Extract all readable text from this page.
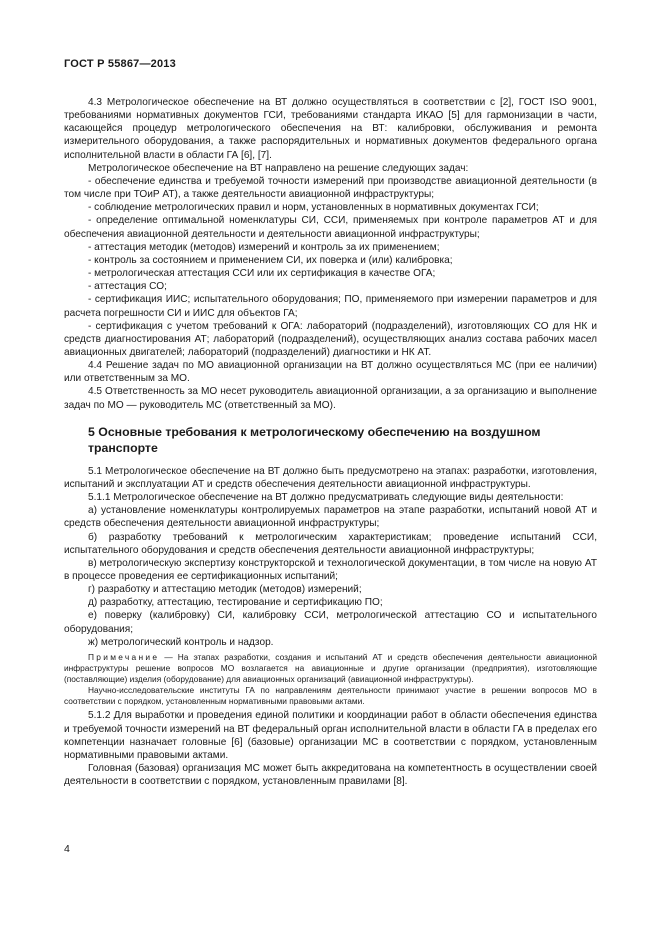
ГОСТ Р 55867—2013

4.3 Метрологическое обеспечение на ВТ должно осуществляться в соответствии с [2], ГОСТ ISO 9001, требованиями нормативных документов ГСИ, требованиями стандарта ИКАО [5] для гармонизации в части, касающейся процедур метрологического обеспечения на ВТ: калибровки, обслуживания и ремонта измерительного оборудования, а также распорядительных и нормативных документов федерального органа исполнительной власти в области ГА [6], [7].

Метрологическое обеспечение на ВТ направлено на решение следующих задач:

- обеспечение единства и требуемой точности измерений при производстве авиационной деятельности (в том числе при ТОиР АТ), а также деятельности авиационной инфраструктуры;

- соблюдение метрологических правил и норм, установленных в нормативных документах ГСИ;

- определение оптимальной номенклатуры СИ, ССИ, применяемых при контроле параметров АТ и для обеспечения авиационной деятельности и деятельности авиационной инфраструктуры;

- аттестация методик (методов) измерений и контроль за их применением;

- контроль за состоянием и применением СИ, их поверка и (или) калибровка;

- метрологическая аттестация ССИ или их сертификация в качестве ОГА;

- аттестация СО;

- сертификация ИИС; испытательного оборудования; ПО, применяемого при измерении параметров и для расчета погрешности СИ и ИИС для объектов ГА;

- сертификация с учетом требований к ОГА: лабораторий (подразделений), изготовляющих СО для НК и средств диагностирования АТ; лабораторий (подразделений), осуществляющих анализ состава рабочих масел авиационных двигателей; лабораторий (подразделений) диагностики и НК АТ.

4.4 Решение задач по МО авиационной организации на ВТ должно осуществляться МС (при ее наличии) или ответственным за МО.

4.5 Ответственность за МО несет руководитель авиационной организации, а за организацию и выполнение задач по МО — руководитель МС (ответственный за МО).

5 Основные требования к метрологическому обеспечению на воздушном
транспорте

5.1 Метрологическое обеспечение на ВТ должно быть предусмотрено на этапах: разработки, изготовления, испытаний и эксплуатации АТ и средств обеспечения деятельности авиационной инфраструктуры.

5.1.1 Метрологическое обеспечение на ВТ должно предусматривать следующие виды деятельности:

а) установление номенклатуры контролируемых параметров на этапе разработки, испытаний новой АТ и средств обеспечения деятельности авиационной инфраструктуры;

б) разработку требований к метрологическим характеристикам; проведение испытаний ССИ, испытательного оборудования и средств обеспечения деятельности авиационной инфраструктуры;

в) метрологическую экспертизу конструкторской и технологической документации, в том числе на новую АТ в процессе проведения ее сертификационных испытаний;

г) разработку и аттестацию методик (методов) измерений;

д) разработку, аттестацию, тестирование и сертификацию ПО;

е) поверку (калибровку) СИ, калибровку ССИ, метрологической аттестацию СО и испытательного оборудования;

ж) метрологический контроль и надзор.

Примечание — На этапах разработки, создания и испытаний АТ и средств обеспечения деятельности авиационной инфраструктуры решение вопросов МО возлагается на авиационные и другие организации (предприятия), изготовляющие (поставляющие) изделия (оборудование) для авиационных организаций (авиационной инфраструктуры).

Научно-исследовательские институты ГА по направлениям деятельности принимают участие в решении вопросов МО в соответствии с порядком, установленным нормативными правовыми актами.

5.1.2 Для выработки и проведения единой политики и координации работ в области обеспечения единства и требуемой точности измерений на ВТ федеральный орган исполнительной власти в области ГА в пределах его компетенции назначает головные [6] (базовые) организации МС в соответствии с порядком, установленным нормативными правовыми актами.

Головная (базовая) организация МС может быть аккредитована на компетентность в осуществлении своей деятельности в соответствии с порядком, установленным правилами [8].

4
